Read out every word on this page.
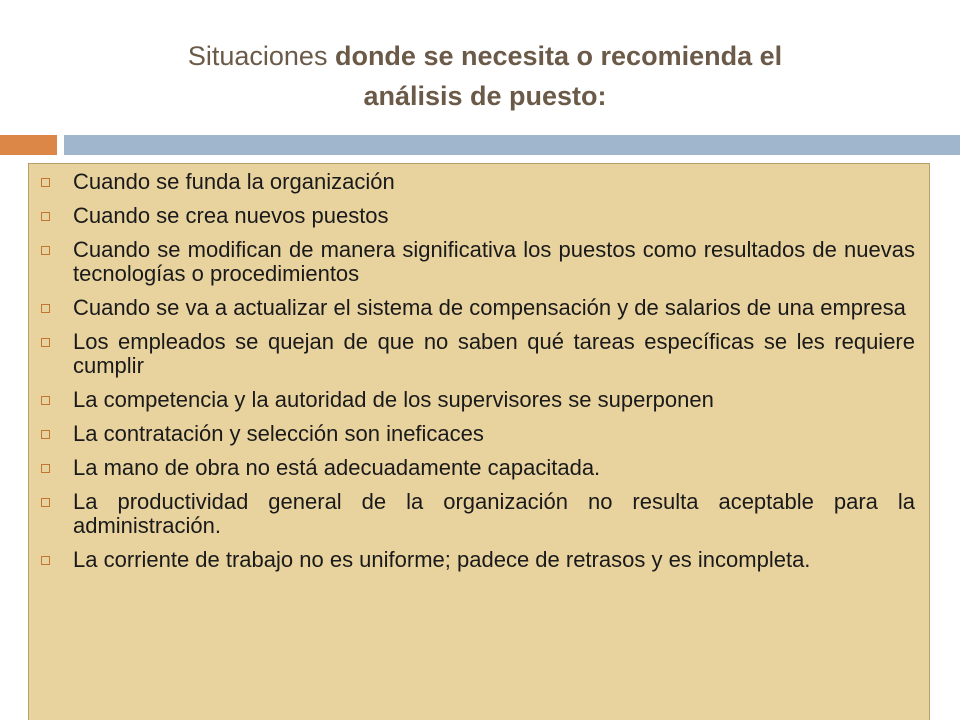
Situaciones donde se necesita o recomienda el
análisis de puesto:
Cuando se funda la organización
Cuando se crea nuevos puestos
Cuando se modifican de manera significativa los puestos como resultados de nuevas tecnologías o procedimientos
Cuando se va a actualizar el sistema de compensación y de salarios de una empresa
Los empleados se quejan de que no saben qué tareas específicas se les requiere cumplir
La competencia y la autoridad de los supervisores se superponen
La contratación y selección son ineficaces
La mano de obra no está adecuadamente capacitada.
La productividad general de la organización no resulta aceptable para la administración.
La corriente de trabajo no es uniforme; padece de retrasos y es incompleta.
